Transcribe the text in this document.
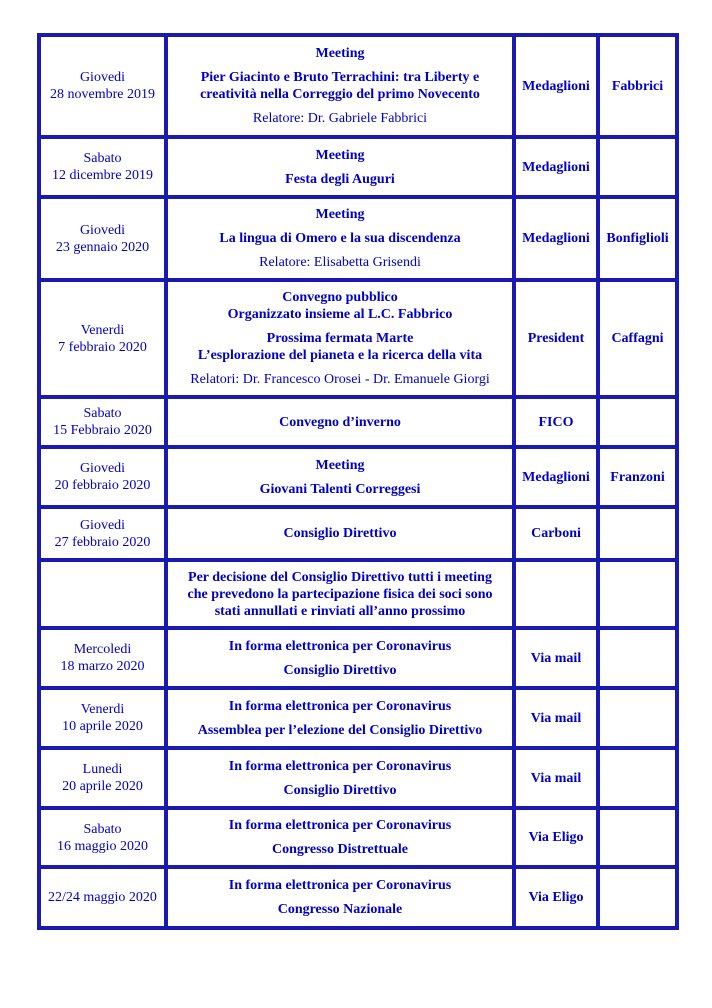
Giovedi
28 novembre 2019	Meeting
Pier Giacinto e Bruto Terrachini: tra Liberty e
creatività nella Correggio del primo Novecento
Relatore: Dr. Gabriele Fabbrici	Medaglioni	Fabbrici

Sabato
12 dicembre 2019	Meeting
Festa degli Auguri	Medaglioni	

Giovedi
23 gennaio 2020	Meeting
La lingua di Omero e la sua discendenza
Relatore: Elisabetta Grisendi	Medaglioni	Bonfiglioli

Venerdi
7 febbraio 2020	Convegno pubblico
Organizzato insieme al L.C. Fabbrico
Prossima fermata Marte
L’esplorazione del pianeta e la ricerca della vita
Relatori: Dr. Francesco Orosei - Dr. Emanuele Giorgi	President	Caffagni

Sabato
15 Febbraio 2020	Convegno d’inverno	FICO	

Giovedi
20 febbraio 2020	Meeting
Giovani Talenti Correggesi	Medaglioni	Franzoni

Giovedi
27 febbraio 2020	Consiglio Direttivo	Carboni	

	Per decisione del Consiglio Direttivo tutti i meeting
che prevedono la partecipazione fisica dei soci sono
stati annullati e rinviati all’anno prossimo		

Mercoledi
18 marzo 2020	In forma elettronica per Coronavirus
Consiglio Direttivo	Via mail	

Venerdi
10 aprile 2020	In forma elettronica per Coronavirus
Assemblea per l’elezione del Consiglio Direttivo	Via mail	

Lunedi
20 aprile 2020	In forma elettronica per Coronavirus
Consiglio Direttivo	Via mail	

Sabato
16 maggio 2020	In forma elettronica per Coronavirus
Congresso Distrettuale	Via Eligo	

22/24 maggio 2020	In forma elettronica per Coronavirus
Congresso Nazionale	Via Eligo	
